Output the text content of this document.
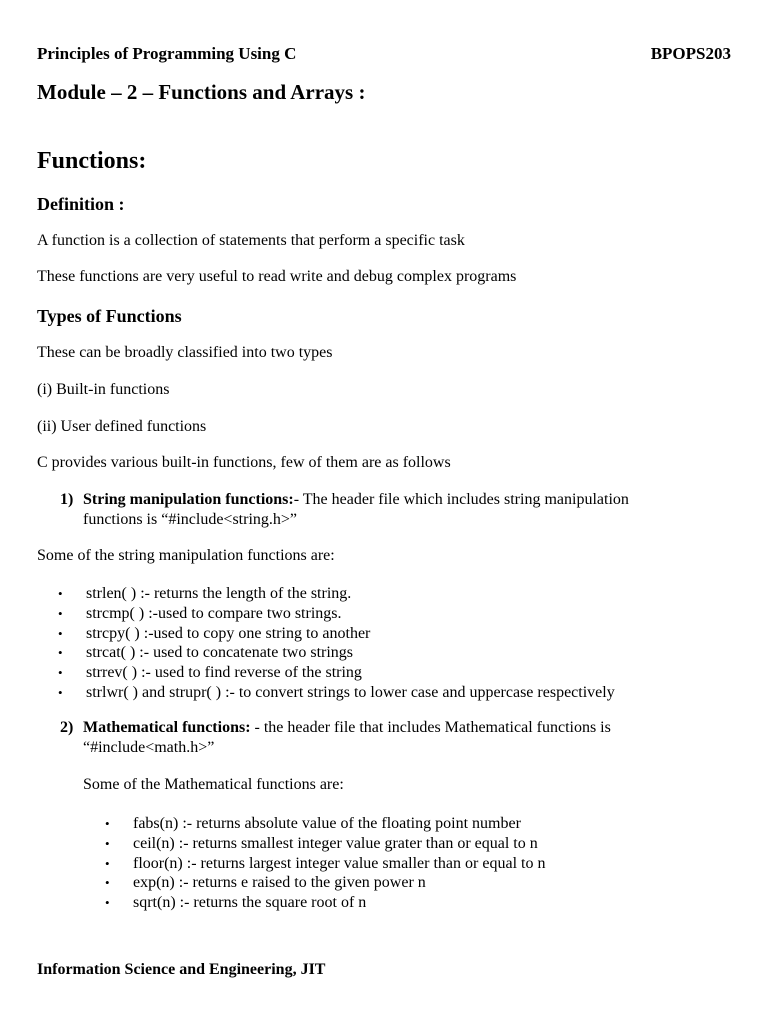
Principles of Programming Using C	BPOPS203
Module – 2 – Functions and Arrays :
Functions:
Definition :
A function is a collection of statements that perform a specific task
These functions are very useful to read write and debug complex programs
Types of Functions
These can be broadly classified into two types
(i) Built-in functions
(ii) User defined functions
C provides various built-in functions, few of them are as follows
1) String manipulation functions:- The header file which includes string manipulation
functions is “#include<string.h>”
Some of the string manipulation functions are:
• strlen( ) :- returns the length of the string.
• strcmp( ) :-used to compare two strings.
• strcpy( ) :-used to copy one string to another
• strcat( ) :- used to concatenate two strings
• strrev( ) :- used to find reverse of the string
• strlwr( ) and strupr( ) :- to convert strings to lower case and uppercase respectively
2) Mathematical functions: - the header file that includes Mathematical functions is
“#include<math.h>”
Some of the Mathematical functions are:
• fabs(n) :- returns absolute value of the floating point number
• ceil(n) :- returns smallest integer value grater than or equal to n
• floor(n) :- returns largest integer value smaller than or equal to n
• exp(n) :- returns e raised to the given power n
• sqrt(n) :- returns the square root of n
Information Science and Engineering, JIT
